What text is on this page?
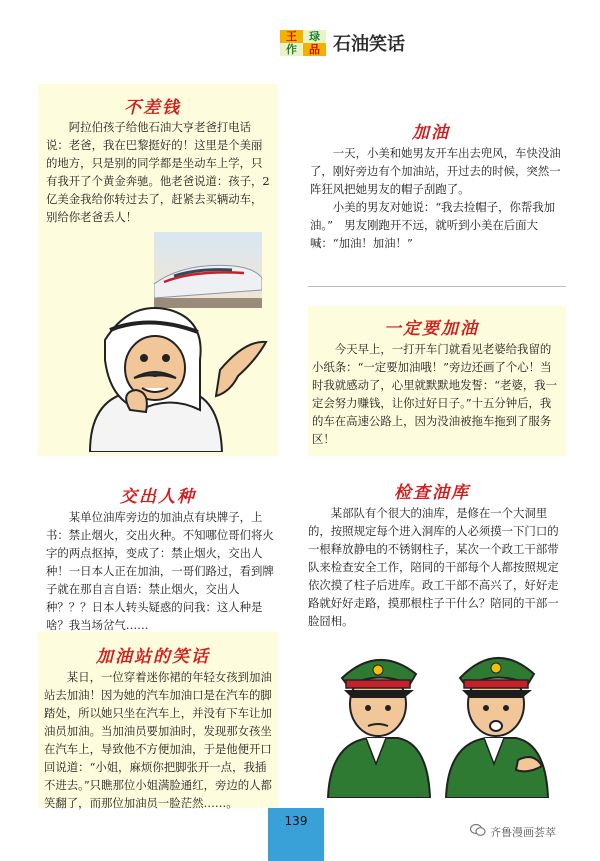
王	琭
作	品 石油笑话
不差钱

阿拉伯孩子给他石油大亨老爸打电话说：老爸，我在巴黎挺好的！这里是个美丽的地方，只是别的同学都是坐动车上学，只有我开了个黄金奔驰。他老爸说道：孩子，2亿美金我给你转过去了，赶紧去买辆动车，别给你老爸丢人！

加油

一天，小美和她男友开车出去兜风，车快没油了，刚好旁边有个加油站，开过去的时候，突然一阵狂风把她男友的帽子刮跑了。

小美的男友对她说：“我去捡帽子，你帮我加油。”　男友刚跑开不远，就听到小美在后面大喊：“加油！加油！”

一定要加油

今天早上，一打开车门就看见老婆给我留的小纸条：“一定要加油哦！”旁边还画了个心！当时我就感动了，心里就默默地发誓：“老婆，我一定会努力赚钱，让你过好日子。”十五分钟后，我的车在高速公路上，因为没油被拖车拖到了服务区！

交出人种

某单位油库旁边的加油点有块牌子，上书：禁止烟火，交出火种。不知哪位哥们将火字的两点抠掉，变成了：禁止烟火，交出人种！一日本人正在加油，一哥们路过，看到牌子就在那自言自语：禁止烟火，交出人种？？？日本人转头疑惑的问我：这人种是啥？我当场岔气……

检查油库

某部队有个很大的油库，是修在一个大洞里的，按照规定每个进入洞库的人必须摸一下门口的一根释放静电的不锈钢柱子，某次一个政工干部带队来检查安全工作，陪同的干部每个人都按照规定依次摸了柱子后进库。政工干部不高兴了，好好走路就好好走路，摸那根柱子干什么？陪同的干部一脸囧相。

加油站的笑话

某日，一位穿着迷你裙的年轻女孩到加油站去加油！因为她的汽车加油口是在汽车的脚踏处，所以她只坐在汽车上，并没有下车让加油员加油。当加油员要加油时，发现那女孩坐在汽车上，导致他不方便加油，于是他便开口回说道：“小姐，麻烦你把脚张开一点，我插不进去。”只瞧那位小姐满脸通红，旁边的人都笑翻了，而那位加油员一脸茫然……。

139
齐鲁漫画荟萃
